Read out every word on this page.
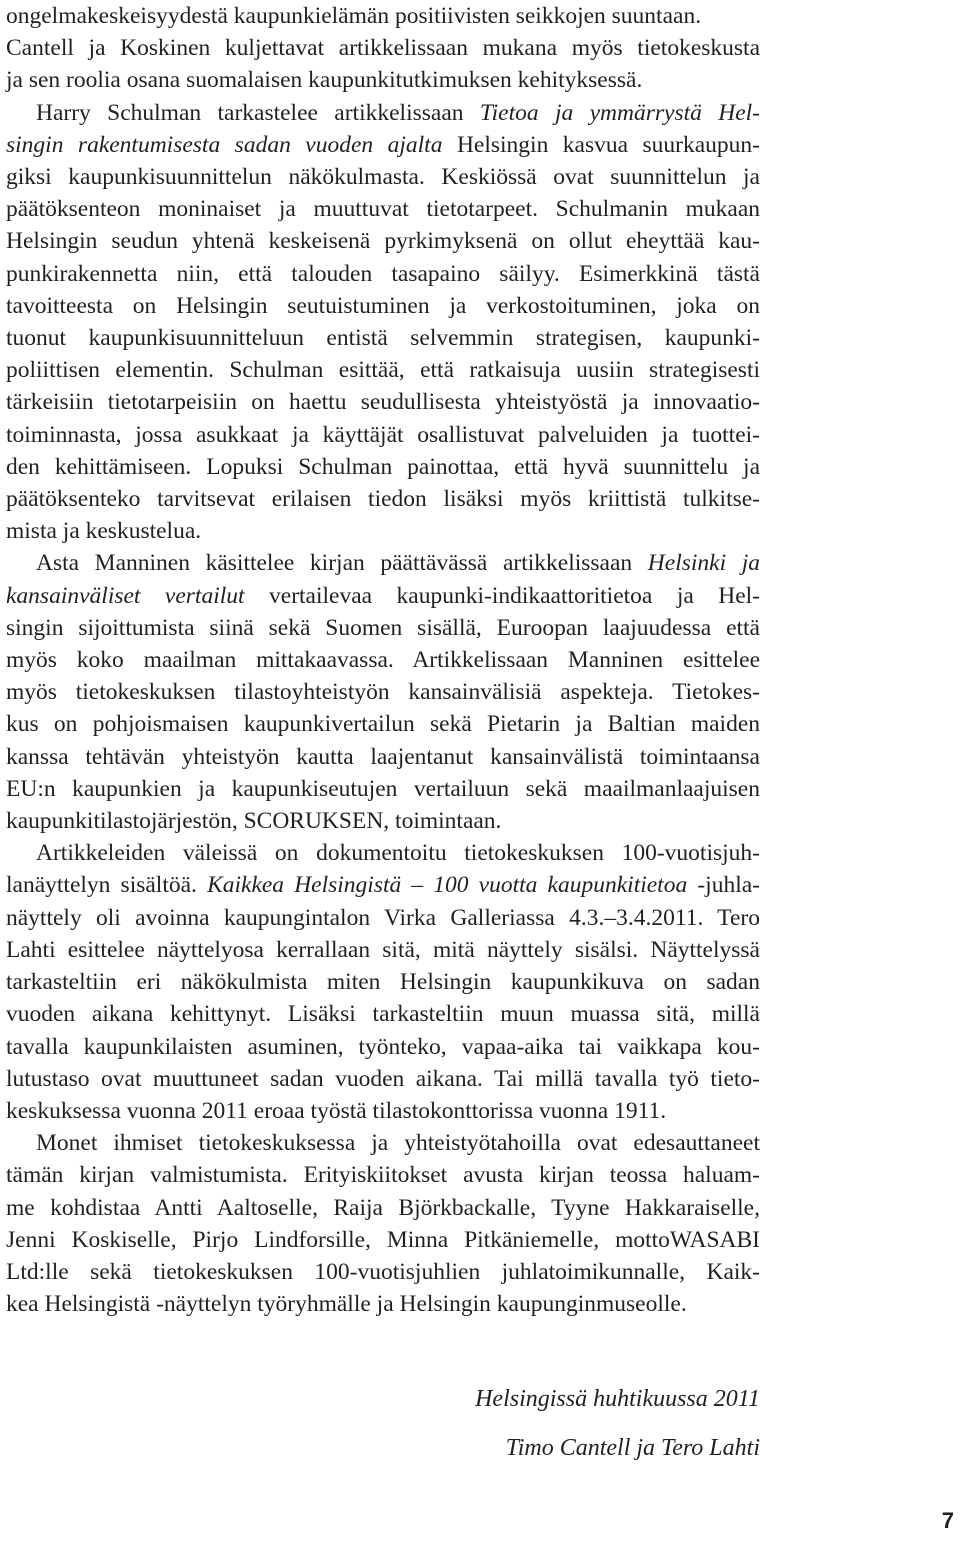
ongelmakeskeisyydestä kaupunkielämän positiivisten seikkojen suuntaan.
Cantell ja Koskinen kuljettavat artikkelissaan mukana myös tietokeskusta
ja sen roolia osana suomalaisen kaupunkitutkimuksen kehityksessä.
Harry Schulman tarkastelee artikkelissaan Tietoa ja ymmärrystä Hel-
singin rakentumisesta sadan vuoden ajalta Helsingin kasvua suurkaupun-
giksi kaupunkisuunnittelun näkökulmasta. Keskiössä ovat suunnittelun ja
päätöksenteon moninaiset ja muuttuvat tietotarpeet. Schulmanin mukaan
Helsingin seudun yhtenä keskeisenä pyrkimyksenä on ollut eheyttää kau-
punkirakennetta niin, että talouden tasapaino säilyy. Esimerkkinä tästä
tavoitteesta on Helsingin seutuistuminen ja verkostoituminen, joka on
tuonut kaupunkisuunnitteluun entistä selvemmin strategisen, kaupunki-
poliittisen elementin. Schulman esittää, että ratkaisuja uusiin strategisesti
tärkeisiin tietotarpeisiin on haettu seudullisesta yhteistyöstä ja innovaatio-
toiminnasta, jossa asukkaat ja käyttäjät osallistuvat palveluiden ja tuottei-
den kehittämiseen. Lopuksi Schulman painottaa, että hyvä suunnittelu ja
päätöksenteko tarvitsevat erilaisen tiedon lisäksi myös kriittistä tulkitse-
mista ja keskustelua.
Asta Manninen käsittelee kirjan päättävässä artikkelissaan Helsinki ja
kansainväliset vertailut vertailevaa kaupunki-indikaattoritietoa ja Hel-
singin sijoittumista siinä sekä Suomen sisällä, Euroopan laajuudessa että
myös koko maailman mittakaavassa. Artikkelissaan Manninen esittelee
myös tietokeskuksen tilastoyhteistyön kansainvälisiä aspekteja. Tietokes-
kus on pohjoismaisen kaupunkivertailun sekä Pietarin ja Baltian maiden
kanssa tehtävän yhteistyön kautta laajentanut kansainvälistä toimintaansa
EU:n kaupunkien ja kaupunkiseutujen vertailuun sekä maailmanlaajuisen
kaupunkitilastojärjestön, SCORUKSEN, toimintaan.
Artikkeleiden väleissä on dokumentoitu tietokeskuksen 100-vuotisjuh-
lanäyttelyn sisältöä. Kaikkea Helsingistä – 100 vuotta kaupunkitietoa -juhla-
näyttely oli avoinna kaupungintalon Virka Galleriassa 4.3.–3.4.2011. Tero
Lahti esittelee näyttelyosa kerrallaan sitä, mitä näyttely sisälsi. Näyttelyssä
tarkasteltiin eri näkökulmista miten Helsingin kaupunkikuva on sadan
vuoden aikana kehittynyt. Lisäksi tarkasteltiin muun muassa sitä, millä
tavalla kaupunkilaisten asuminen, työnteko, vapaa-aika tai vaikkapa kou-
lutustaso ovat muuttuneet sadan vuoden aikana. Tai millä tavalla työ tieto-
keskuksessa vuonna 2011 eroaa työstä tilastokonttorissa vuonna 1911.
Monet ihmiset tietokeskuksessa ja yhteistyötahoilla ovat edesauttaneet
tämän kirjan valmistumista. Erityiskiitokset avusta kirjan teossa haluam-
me kohdistaa Antti Aaltoselle, Raija Björkbackalle, Tyyne Hakkaraiselle,
Jenni Koskiselle, Pirjo Lindforsille, Minna Pitkäniemelle, mottoWASABI
Ltd:lle sekä tietokeskuksen 100-vuotisjuhlien juhlatoimikunnalle, Kaik-
kea Helsingistä -näyttelyn työryhmälle ja Helsingin kaupunginmuseolle.
Helsingissä huhtikuussa 2011
Timo Cantell ja Tero Lahti
7
